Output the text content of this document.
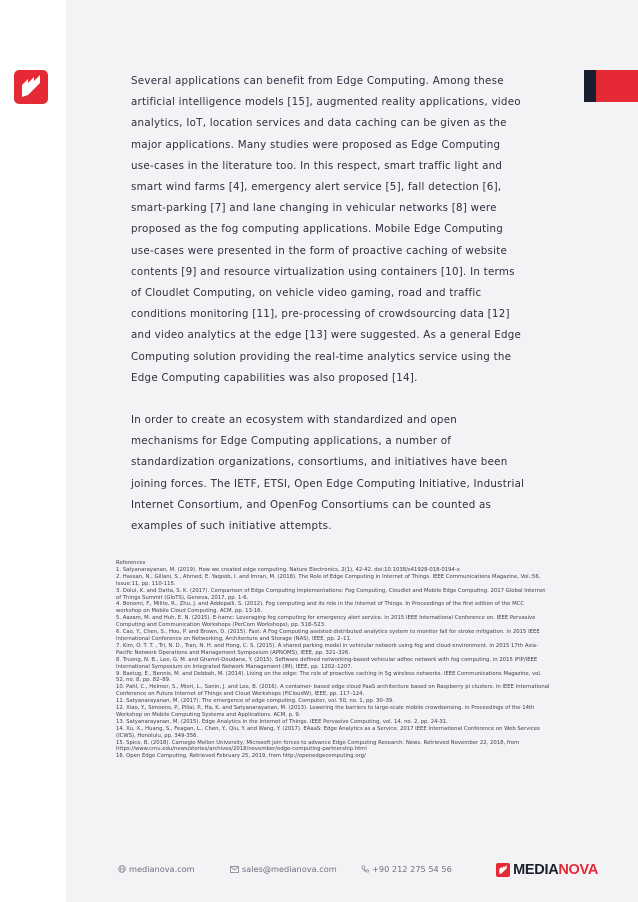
Several applications can benefit from Edge Computing. Among these artificial intelligence models [15], augmented reality applications, video analytics, IoT, location services and data caching can be given as the major applications. Many studies were proposed as Edge Computing use-cases in the literature too. In this respect, smart traffic light and smart wind farms [4], emergency alert service [5], fall detection [6], smart-parking [7] and lane changing in vehicular networks [8] were proposed as the fog computing applications. Mobile Edge Computing use-cases were presented in the form of proactive caching of website contents [9] and resource virtualization using containers [10]. In terms of Cloudlet Computing, on vehicle video gaming, road and traffic conditions monitoring [11], pre-processing of crowdsourcing data [12] and video analytics at the edge [13] were suggested. As a general Edge Computing solution providing the real-time analytics service using the Edge Computing capabilities was also proposed [14].

In order to create an ecosystem with standardized and open mechanisms for Edge Computing applications, a number of standardization organizations, consortiums, and initiatives have been joining forces. The IETF, ETSI, Open Edge Computing Initiative, Industrial Internet Consortium, and OpenFog Consortiums can be counted as examples of such initiative attempts.

References
1. Satyanarayanan, M. (2019). How we created edge computing. Nature Electronics, 2(1), 42-42. doi:10.1038/s41928-018-0194-x
2. Hassan, N., Gillani, S., Ahmed, E. Yaqoob, I. and Imran, M. (2018). The Role of Edge Computing in Internet of Things. IEEE Communications Magazine, Vol.:56, Issue:11, pp. 110-115.
3. Dolui, K. and Datta, S. K. (2017). Comparison of Edge Computing Implementations: Fog Computing, Cloudlet and Mobile Edge Computing. 2017 Global Internet of Things Summit (GIoTS), Geneva, 2017, pp. 1-6.
4. Bonomi, F., Milito, R., Zhu, J. and Addepalli, S. (2012). Fog computing and its role in the Internet of Things. In Proceedings of the first edition of the MCC workshop on Mobile Cloud Computing. ACM. pp. 13-16.
5. Aazam, M. and Huh, E. N. (2015). E-hamc: Leveraging fog computing for emergency alert service. in 2015 IEEE International Conference on. IEEE Pervasive Computing and Communication Workshops (PerCom Workshops), pp. 518–523.
6. Cao, Y., Chen, S., Hou, P. and Brown, D. (2015). Fast: A Fog Computing assisted distributed analytics system to monitor fall for stroke mitigation. in 2015 IEEE International Conference on Networking, Architecture and Storage (NAS), IEEE, pp. 2–11.
7. Kim, O. T. T. , Tri, N. D., Tran, N. H. and Hong, C. S. (2015). A shared parking model in vehicular network using fog and cloud environment. in 2015 17th Asia-Pacific Network Operations and Management Symposium (APNOMS), IEEE, pp. 321–326.
8. Truong, N. B., Lee, G. M. and Ghamri-Doudane, Y. (2015). Software defined networking-based vehicular adhoc network with fog computing. in 2015 IFIP/IEEE International Symposium on Integrated Network Management (IM), IEEE, pp. 1202–1207.
9. Bastug, E., Bennis, M. and Debbah, M. (2014). Living on the edge: The role of proactive caching in 5g wireless networks. IEEE Communications Magazine, vol. 52, no. 8, pp. 82–89.
10. Pahl, C., Helmer, S., Miori, L., Sanin, J. and Lee, B. (2016). A container- based edge cloud PaaS architecture based on Raspberry pi clusters. in IEEE International Conference on Future Internet of Things and Cloud Workshops (FiCloudW), IEEE, pp. 117–124.
11. Satyanarayanan, M. (2017). The emergence of edge computing. Computer, vol. 50, no. 1, pp. 30–39.
12. Xiao, Y., Simoens, P., Pillai, P., Ha, K. and Satyanarayanan, M. (2013). Lowering the barriers to large-scale mobile crowdsensing. in Proceedings of the 14th Workshop on Mobile Computing Systems and Applications. ACM, p. 9.
13. Satyanarayanan, M. (2015). Edge Analytics in the Internet of Things. IEEE Pervasive Computing, vol. 14, no. 2, pp. 24-31.
14. Xu, X., Huang, S., Feagan, L., Chen, Y., Qiu, Y. and Wang, Y. (2017). EAaaS: Edge Analytics as a Service. 2017 IEEE International Conference on Web Services (ICWS), Honolulu, pp. 349-356.
15. Spice, B. (2018). Carnegie Mellon University, Microsoft join forces to advance Edge Computing Research. News. Retrieved November 22, 2018, from https://www.cmu.edu/news/stories/archives/2018/november/edge-computing-partnership.html
16. Open Edge Computing, Retrieved February 25, 2019, from http://openedgecomputing.org/
medianova.com	sales@medianova.com	+90 212 275 54 56	MEDIANOVA
